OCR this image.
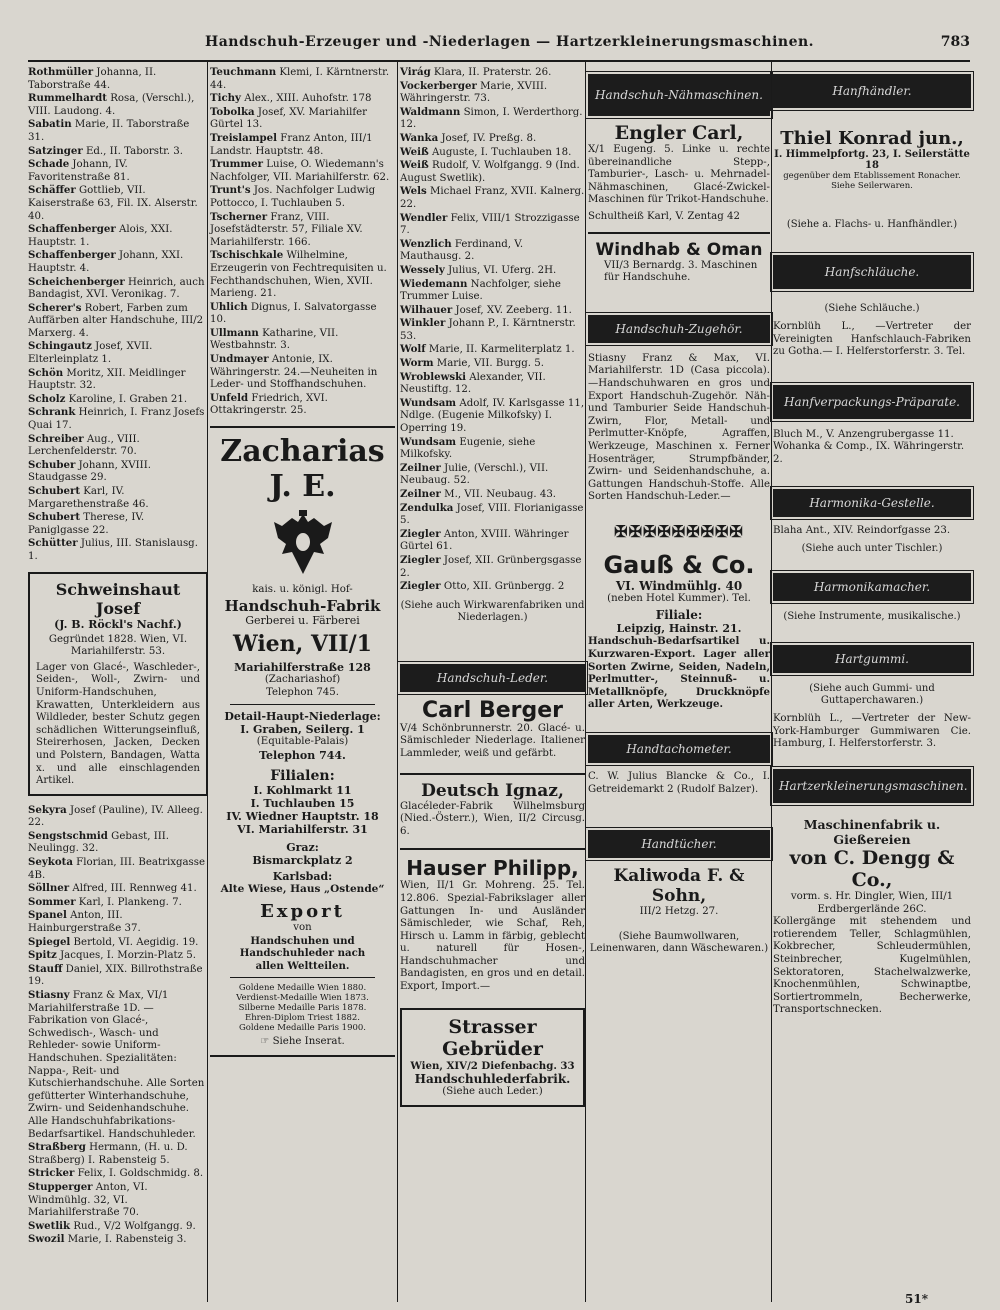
Handschuh-Erzeuger und -Niederlagen — Hartzerkleinerungsmaschinen.	783
Rothmüller Johanna, II. Taborstraße 44.
Rummelhardt Rosa, (Verschl.), VIII. Laudong. 4.
Sabatin Marie, II. Taborstraße 31.
Satzinger Ed., II. Taborstr. 3.
Schade Johann, IV. Favoritenstraße 81.
Schäffer Gottlieb, VII. Kaiserstraße 63, Fil. IX. Alserstr. 40.
Schaffenberger Alois, XXI. Hauptstr. 1.
Schaffenberger Johann, XXI. Hauptstr. 4.
Scheichenberger Heinrich, auch Bandagist, XVI. Veronikag. 7.
Scherer's Robert, Farben zum Auffärben alter Handschuhe, III/2 Marxerg. 4.
Schingautz Josef, XVII. Elterleinplatz 1.
Schön Moritz, XII. Meidlinger Hauptstr. 32.
Scholz Karoline, I. Graben 21.
Schrank Heinrich, I. Franz Josefs Quai 17.
Schreiber Aug., VIII. Lerchenfelderstr. 70.
Schuber Johann, XVIII. Staudgasse 29.
Schubert Karl, IV. Margarethenstraße 46.
Schubert Therese, IV. Paniglgasse 22.
Schütter Julius, III. Stanislausg. 1.
Schweinshaut Josef
(J. B. Röckl's Nachf.)
Gegründet 1828. Wien, VI. Mariahilferstr. 53.
Lager von Glacé-, Waschleder-, Seiden-, Woll-, Zwirn- und Uniform-Handschuhen, Krawatten, Unterkleidern aus Wildleder, bester Schutz gegen schädlichen Witterungseinfluß, Steirerhosen, Jacken, Decken und Polstern, Bandagen, Watta x. und alle einschlagenden Artikel.
Sekyra Josef (Pauline), IV. Alleeg. 22.
Sengstschmid Gebast, III. Neulingg. 32.
Seykota Florian, III. Beatrixgasse 4B.
Söllner Alfred, III. Rennweg 41.
Sommer Karl, I. Plankeng. 7.
Spanel Anton, III. Hainburgerstraße 37.
Spiegel Bertold, VI. Aegidig. 19.
Spitz Jacques, I. Morzin-Platz 5.
Stauff Daniel, XIX. Billrothstraße 19.
Stiasny Franz & Max, VI/1 Mariahilferstraße 1D. —Fabrikation von Glacé-, Schwedisch-, Wasch- und Rehleder- sowie Uniform-Handschuhen. Spezialitäten: Nappa-, Reit- und Kutschierhandschuhe. Alle Sorten gefütterter Winterhandschuhe, Zwirn- und Seidenhandschuhe. Alle Handschuhfabrikations-Bedarfsartikel. Handschuhleder.
Straßberg Hermann, (H. u. D. Straßberg) I. Rabensteig 5.
Stricker Felix, I. Goldschmidg. 8.
Stupperger Anton, VI. Windmühlg. 32, VI. Mariahilferstraße 70.
Swetlik Rud., V/2 Wolfgangg. 9.
Swozil Marie, I. Rabensteig 3.
Teuchmann Klemi, I. Kärntnerstr. 44.
Tichy Alex., XIII. Auhofstr. 178
Tobolka Josef, XV. Mariahilfer Gürtel 13.
Treislampel Franz Anton, III/1 Landstr. Hauptstr. 48.
Trummer Luise, O. Wiedemann's Nachfolger, VII. Mariahilferstr. 62.
Trunt's Jos. Nachfolger Ludwig Pottocco, I. Tuchlauben 5.
Tscherner Franz, VIII. Josefstädterstr. 57, Filiale XV. Mariahilferstr. 166.
Tschischkale Wilhelmine, Erzeugerin von Fechtrequisiten u. Fechthandschuhen, Wien, XVII. Marieng. 21.
Uhlich Dignus, I. Salvatorgasse 10.
Ullmann Katharine, VII. Westbahnstr. 3.
Undmayer Antonie, IX. Währingerstr. 24.—Neuheiten in Leder- und Stoffhandschuhen.
Unfeld Friedrich, XVI. Ottakringerstr. 25.
Zacharias J. E.
kais. u. königl. Hof-
Handschuh-Fabrik
Gerberei u. Färberei
Wien, VII/1
Mariahilferstraße 128
(Zachariashof)
Telephon 745.
Detail-Haupt-Niederlage:
I. Graben, Seilerg. 1
(Equitable-Palais)
Telephon 744.
Filialen:
I. Kohlmarkt 11
I. Tuchlauben 15
IV. Wiedner Hauptstr. 18
VI. Mariahilferstr. 31
Graz:
Bismarckplatz 2
Karlsbad:
Alte Wiese, Haus „Ostende“
Export
von
Handschuhen und Handschuhleder nach allen Weltteilen.
Goldene Medaille Wien 1880.
Verdienst-Medaille Wien 1873.
Silberne Medaille Paris 1878.
Ehren-Diplom Triest 1882.
Goldene Medaille Paris 1900.
☞ Siehe Inserat.
Virág Klara, II. Praterstr. 26.
Vockerberger Marie, XVIII. Währingerstr. 73.
Waldmann Simon, I. Werderthorg. 12.
Wanka Josef, IV. Preßg. 8.
Weiß Auguste, I. Tuchlauben 18.
Weiß Rudolf, V. Wolfgangg. 9 (Ind. August Swetlik).
Wels Michael Franz, XVII. Kalnerg. 22.
Wendler Felix, VIII/1 Strozzigasse 7.
Wenzlich Ferdinand, V. Mauthausg. 2.
Wessely Julius, VI. Uferg. 2H.
Wiedemann Nachfolger, siehe Trummer Luise.
Wilhauer Josef, XV. Zeeberg. 11.
Winkler Johann P., I. Kärntnerstr. 53.
Wolf Marie, II. Karmeliterplatz 1.
Worm Marie, VII. Burgg. 5.
Wroblewski Alexander, VII. Neustiftg. 12.
Wundsam Adolf, IV. Karlsgasse 11, Ndlge. (Eugenie Milkofsky) I. Operring 19.
Wundsam Eugenie, siehe Milkofsky.
Zeilner Julie, (Verschl.), VII. Neubaug. 52.
Zeilner M., VII. Neubaug. 43.
Zendulka Josef, VIII. Florianigasse 5.
Ziegler Anton, XVIII. Währinger Gürtel 61.
Ziegler Josef, XII. Grünbergsgasse 2.
Ziegler Otto, XII. Grünbergg. 2
(Siehe auch Wirkwarenfabriken und Niederlagen.)
Handschuh-Leder.
Carl Berger
V/4 Schönbrunnerstr. 20. Glacé- u. Sämischleder Niederlage. Italiener Lammleder, weiß und gefärbt.
Deutsch Ignaz,
Glacéleder-Fabrik Wilhelmsburg (Nied.-Österr.), Wien, II/2 Circusg. 6.
Hauser Philipp,
Wien, II/1 Gr. Mohreng. 25. Tel. 12.806. Spezial-Fabrikslager aller Gattungen In- und Ausländer Sämischleder, wie Schaf, Reh, Hirsch u. Lamm in färbig, geblecht u. naturell für Hosen-, Handschuhmacher und Bandagisten, en gros und en detail. Export, Import.—
Strasser Gebrüder
Wien, XIV/2 Diefenbachg. 33
Handschuhlederfabrik.
(Siehe auch Leder.)
Handschuh-Nähmaschinen.
Engler Carl,
X/1 Eugeng. 5. Linke u. rechte übereinandliche Stepp-, Tamburier-, Lasch- u. Mehrnadel-Nähmaschinen, Glacé-Zwickel-Maschinen für Trikot-Handschuhe.
Schultheiß Karl, V. Zentag 42
Windhab & Oman
VII/3 Bernardg. 3. Maschinen für Handschuhe.
Handschuh-Zugehör.
Stiasny Franz & Max, VI. Mariahilferstr. 1D (Casa piccola). —Handschuhwaren en gros und Export Handschuh-Zugehör. Näh- und Tamburier Seide Handschuh-Zwirn, Flor, Metall- und Perlmutter-Knöpfe, Agraffen, Werkzeuge, Maschinen x. Ferner Hosenträger, Strumpfbänder, Zwirn- und Seidenhandschuhe, a. Gattungen Handschuh-Stoffe. Alle Sorten Handschuh-Leder.—
✠✠✠✠✠✠✠✠✠
Gauß & Co.
VI. Windmühlg. 40
(neben Hotel Kummer). Tel.
Filiale:
Leipzig, Hainstr. 21.
Handschuh-Bedarfsartikel u. Kurzwaren-Export. Lager aller Sorten Zwirne, Seiden, Nadeln, Perlmutter-, Steinnuß- u. Metallknöpfe, Druckknöpfe aller Arten, Werkzeuge.
Handtachometer.
C. W. Julius Blancke & Co., I. Getreidemarkt 2 (Rudolf Balzer).
Handtücher.
Kaliwoda F. & Sohn,
III/2 Hetzg. 27.
(Siehe Baumwollwaren, Leinenwaren, dann Wäschewaren.)
Hanfhändler.
Thiel Konrad jun.,
I. Himmelpfortg. 23, I. Seilerstätte 18
gegenüber dem Etablissement Ronacher. Siehe Seilerwaren.
(Siehe a. Flachs- u. Hanfhändler.)
Hanfschläuche.
(Siehe Schläuche.)
Kornblüh L., —Vertreter der Vereinigten Hanfschlauch-Fabriken zu Gotha.— I. Helferstorferstr. 3. Tel.
Hanfverpackungs-Präparate.
Bluch M., V. Anzengrubergasse 11.
Wohanka & Comp., IX. Währingerstr. 2.
Harmonika-Gestelle.
Blaha Ant., XIV. Reindorfgasse 23.
(Siehe auch unter Tischler.)
Harmonikamacher.
(Siehe Instrumente, musikalische.)
Hartgummi.
(Siehe auch Gummi- und Guttaperchawaren.)
Kornblüh L., —Vertreter der New-York-Hamburger Gummiwaren Cie. Hamburg, I. Helferstorferstr. 3.
Hartzerkleinerungsmaschinen.
Maschinenfabrik u. Gießereien
von C. Dengg & Co.,
vorm. s. Hr. Dingler, Wien, III/1 Erdbergerlände 26C.
Kollergänge mit stehendem und rotierendem Teller, Schlagmühlen, Kokbrecher, Schleudermühlen, Steinbrecher, Kugelmühlen, Sektoratoren, Stachelwalzwerke, Knochenmühlen, Schwinaptbe, Sortiertrommeln, Becherwerke, Transportschnecken.
51*
